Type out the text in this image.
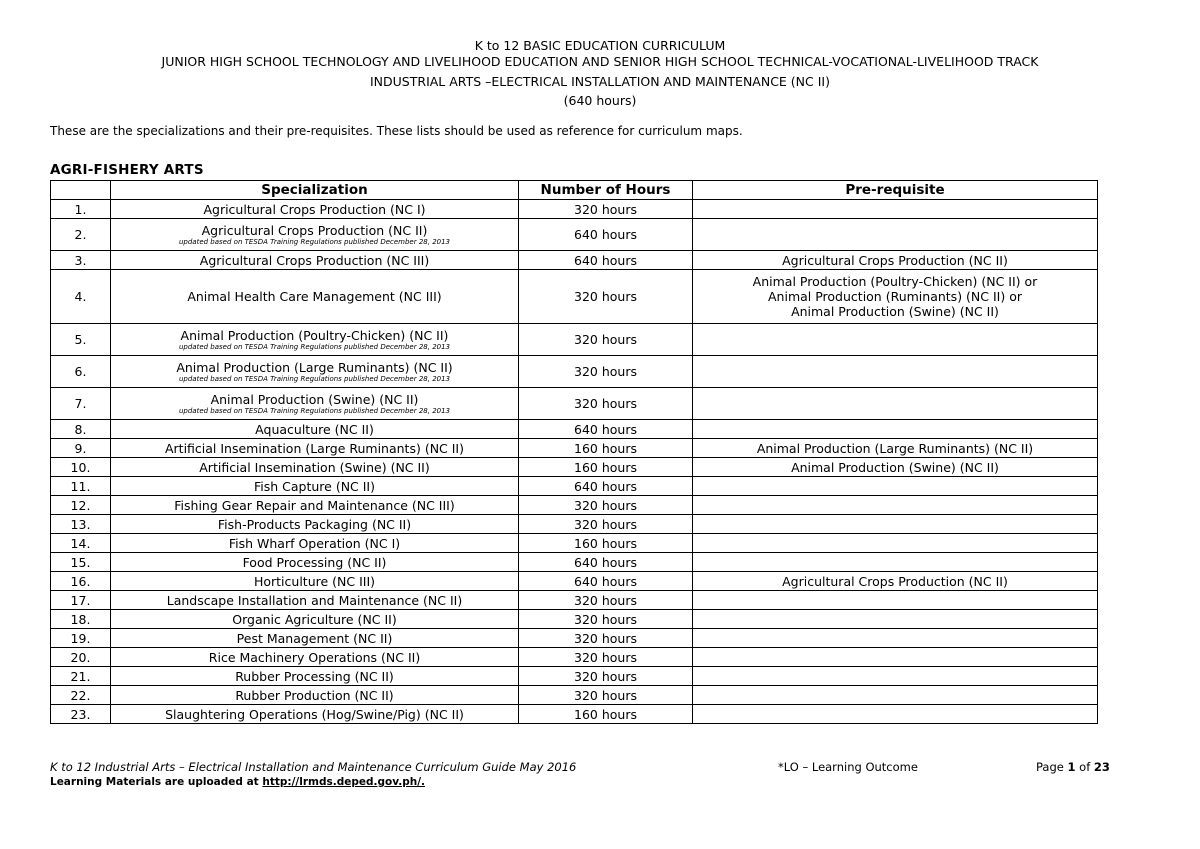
K to 12 BASIC EDUCATION CURRICULUM
JUNIOR HIGH SCHOOL TECHNOLOGY AND LIVELIHOOD EDUCATION AND SENIOR HIGH SCHOOL TECHNICAL-VOCATIONAL-LIVELIHOOD TRACK
INDUSTRIAL ARTS –ELECTRICAL INSTALLATION AND MAINTENANCE (NC II)
(640 hours)
These are the specializations and their pre-requisites. These lists should be used as reference for curriculum maps.
AGRI-FISHERY ARTS
	Specialization	Number of Hours	Pre-requisite
1.	Agricultural Crops Production (NC I)	320 hours	
2.	Agricultural Crops Production (NC II)
updated based on TESDA Training Regulations published December 28, 2013	640 hours	
3.	Agricultural Crops Production (NC III)	640 hours	Agricultural Crops Production (NC II)
4.	Animal Health Care Management (NC III)	320 hours	Animal Production (Poultry-Chicken) (NC II) or
Animal Production (Ruminants) (NC II) or
Animal Production (Swine) (NC II)

5.	Animal Production (Poultry-Chicken) (NC II)
updated based on TESDA Training Regulations published December 28, 2013	320 hours	
6.	Animal Production (Large Ruminants) (NC II)
updated based on TESDA Training Regulations published December 28, 2013	320 hours	
7.	Animal Production (Swine) (NC II)
updated based on TESDA Training Regulations published December 28, 2013	320 hours	
8.	Aquaculture (NC II)	640 hours	
9.	Artificial Insemination (Large Ruminants) (NC II)	160 hours	Animal Production (Large Ruminants) (NC II)
10.	Artificial Insemination (Swine) (NC II)	160 hours	Animal Production (Swine) (NC II)
11.	Fish Capture (NC II)	640 hours	
12.	Fishing Gear Repair and Maintenance (NC III)	320 hours	
13.	Fish-Products Packaging (NC II)	320 hours	
14.	Fish Wharf Operation (NC I)	160 hours	
15.	Food Processing (NC II)	640 hours	
16.	Horticulture (NC III)	640 hours	Agricultural Crops Production (NC II)
17.	Landscape Installation and Maintenance (NC II)	320 hours	
18.	Organic Agriculture (NC II)	320 hours	
19.	Pest Management (NC II)	320 hours	
20.	Rice Machinery Operations (NC II)	320 hours	
21.	Rubber Processing (NC II)	320 hours	
22.	Rubber Production (NC II)	320 hours	
23.	Slaughtering Operations (Hog/Swine/Pig) (NC II)	160 hours	
K to 12 Industrial Arts – Electrical Installation and Maintenance Curriculum Guide May 2016	*LO – Learning Outcome	Page 1 of 23
Learning Materials are uploaded at http://lrmds.deped.gov.ph/.
